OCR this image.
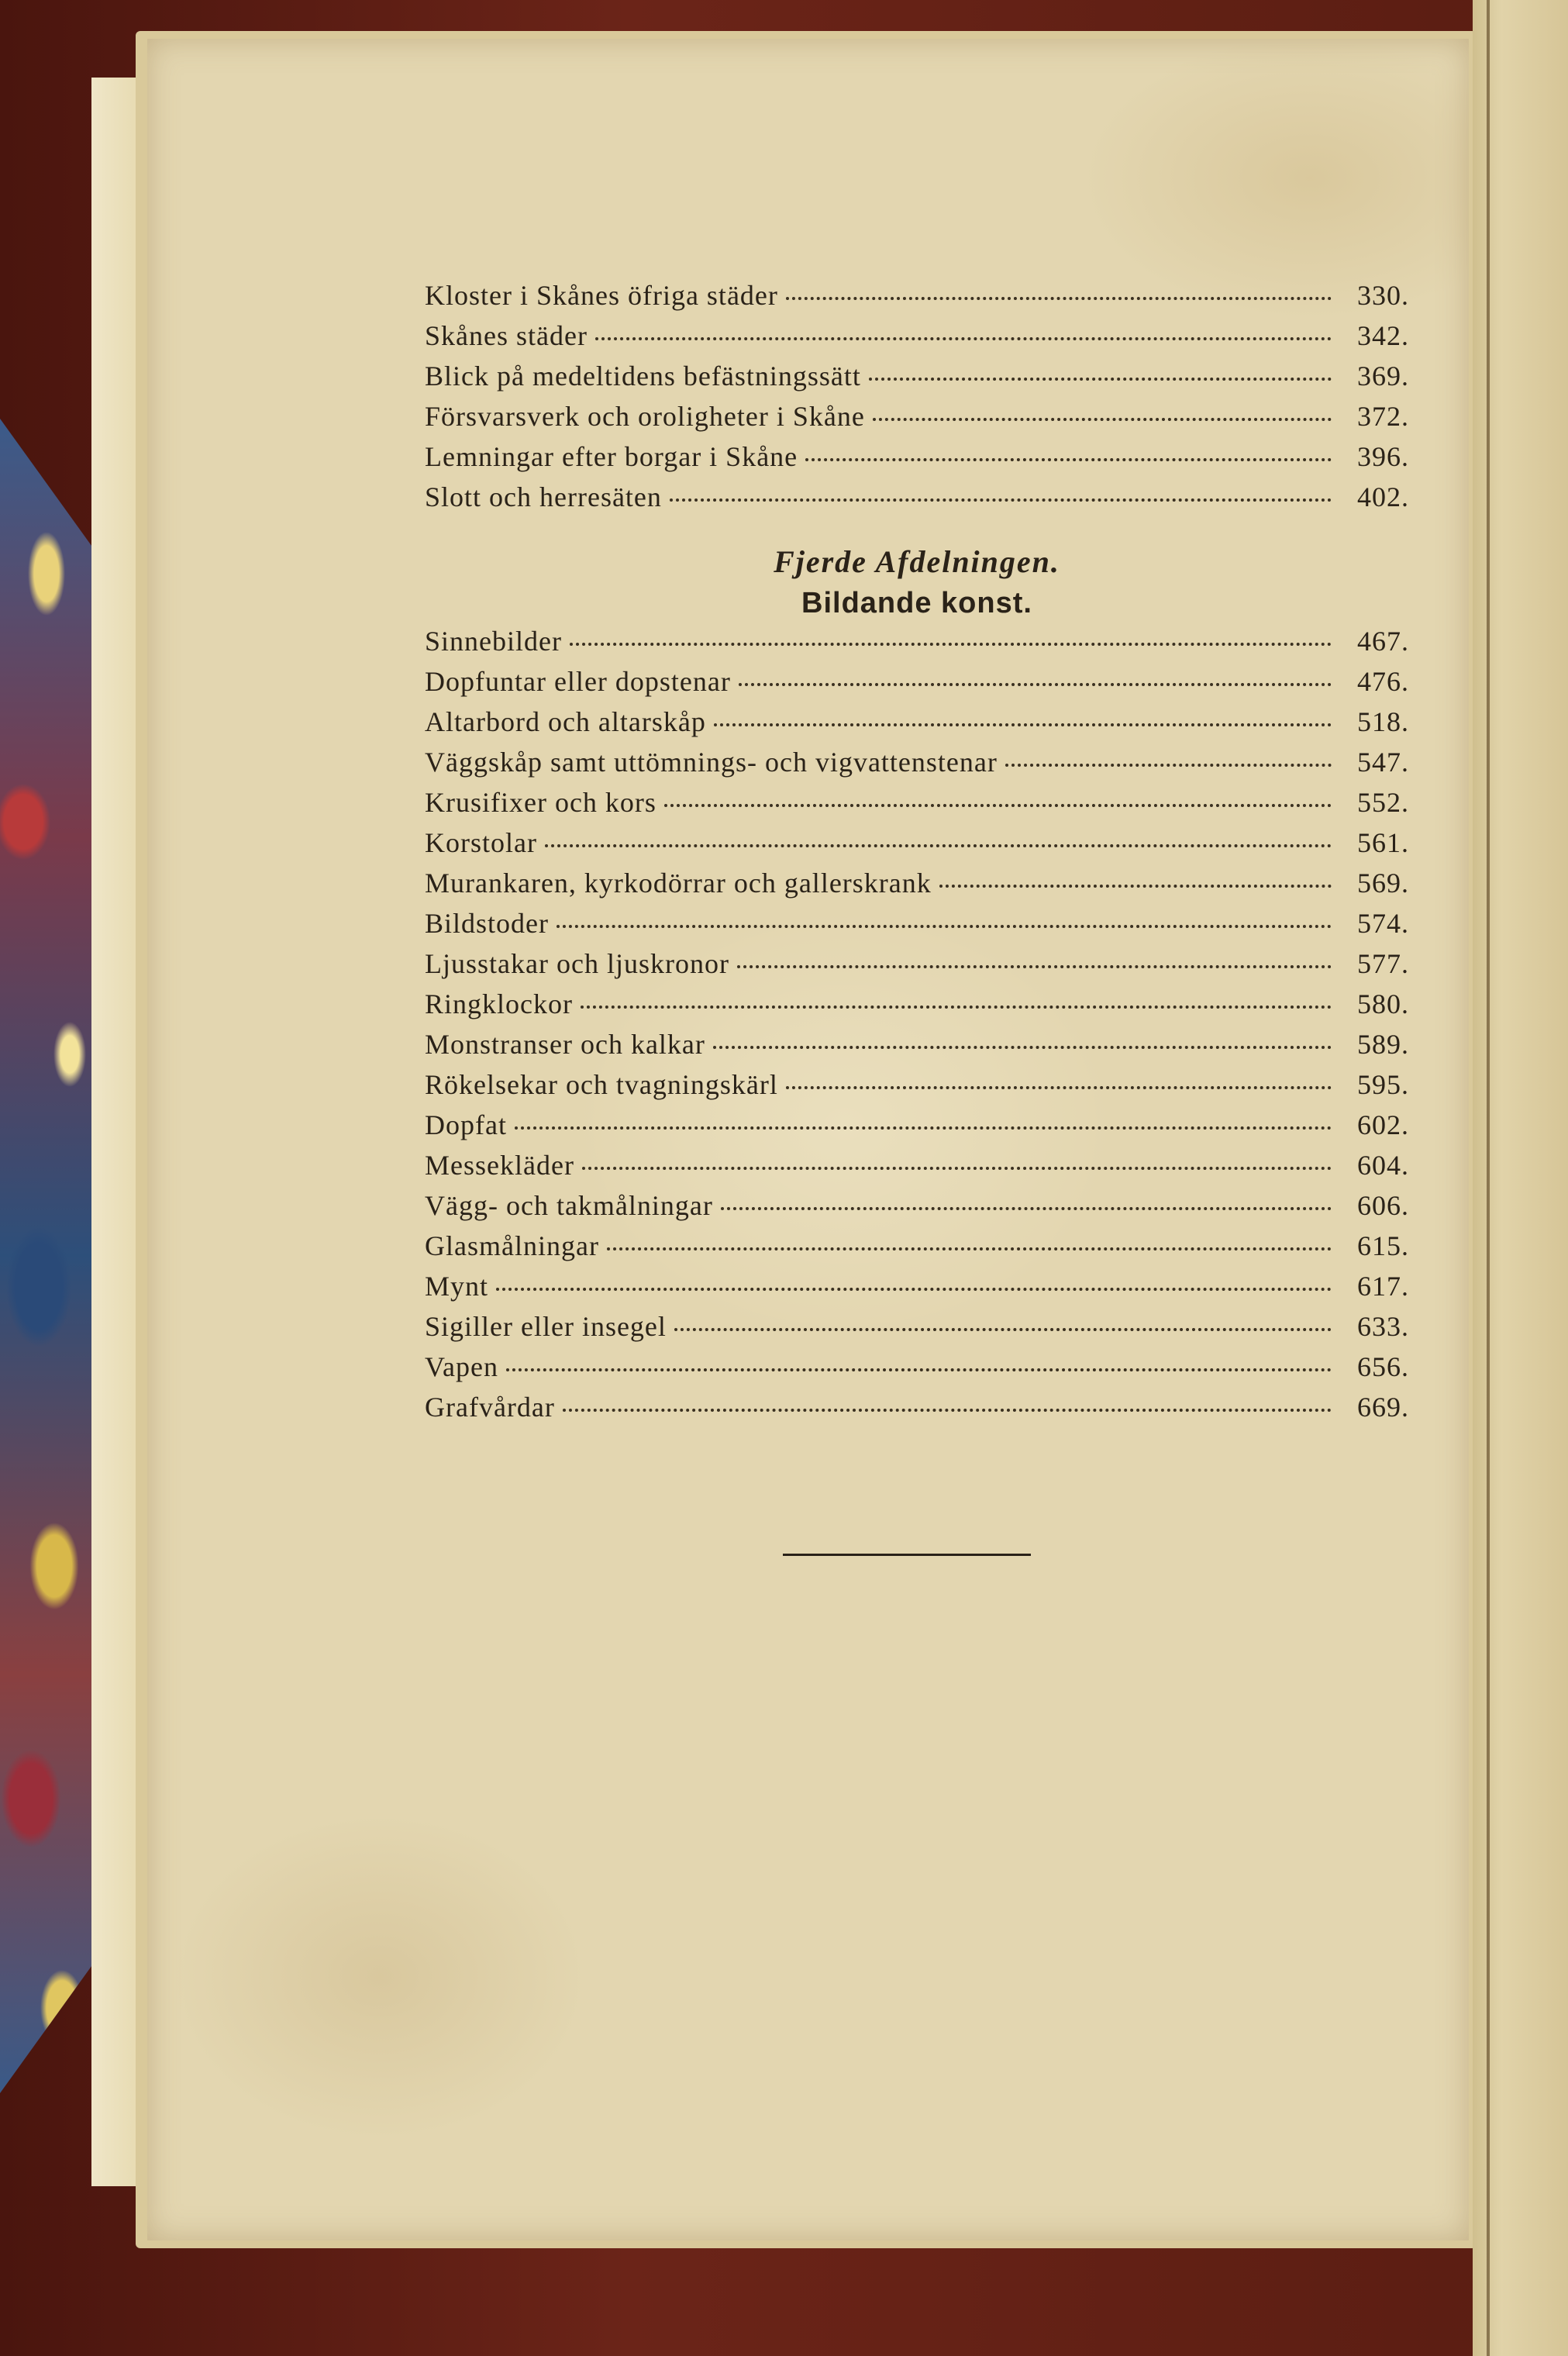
Kloster i Skånes öfriga städer	330.
Skånes städer	342.
Blick på medeltidens befästningssätt	369.
Försvarsverk och oroligheter i Skåne	372.
Lemningar efter borgar i Skåne	396.
Slott och herresäten	402.
Fjerde Afdelningen.
Bildande konst.
Sinnebilder	467.
Dopfuntar eller dopstenar	476.
Altarbord och altarskåp	518.
Väggskåp samt uttömnings- och vigvattenstenar	547.
Krusifixer och kors	552.
Korstolar	561.
Murankaren, kyrkodörrar och gallerskrank	569.
Bildstoder	574.
Ljusstakar och ljuskronor	577.
Ringklockor	580.
Monstranser och kalkar	589.
Rökelsekar och tvagningskärl	595.
Dopfat	602.
Messekläder	604.
Vägg- och takmålningar	606.
Glasmålningar	615.
Mynt	617.
Sigiller eller insegel	633.
Vapen	656.
Grafvårdar	669.
